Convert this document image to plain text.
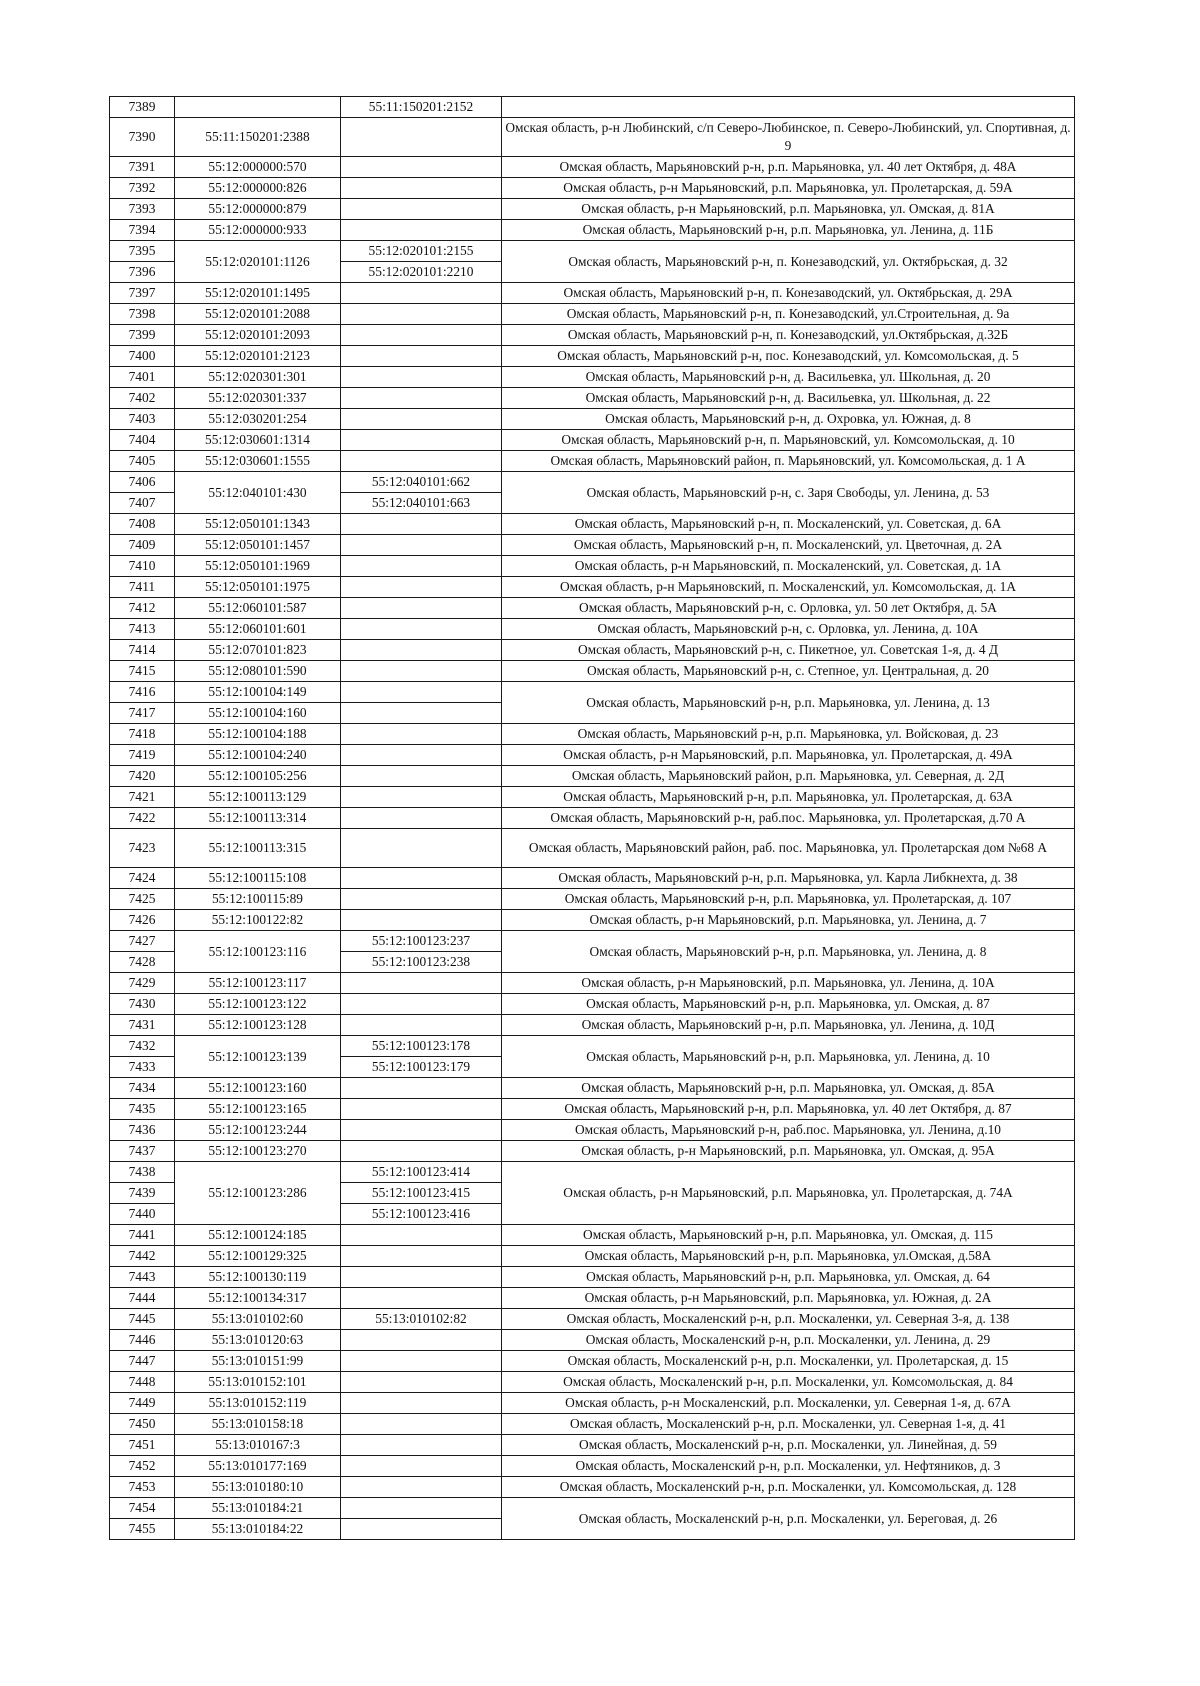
7389		55:11:150201:2152	
7390	55:11:150201:2388		Омская область, р-н Любинский, с/п Северо-Любинское, п. Северо-Любинский, ул. Спортивная, д. 9
7391	55:12:000000:570		Омская область, Марьяновский р-н, р.п. Марьяновка, ул. 40 лет Октября, д. 48А
7392	55:12:000000:826		Омская область, р-н Марьяновский, р.п. Марьяновка, ул. Пролетарская, д. 59А
7393	55:12:000000:879		Омская область, р-н Марьяновский, р.п. Марьяновка, ул. Омская, д. 81А
7394	55:12:000000:933		Омская область, Марьяновский р-н, р.п. Марьяновка, ул. Ленина, д. 11Б
7395	55:12:020101:1126	55:12:020101:2155	Омская область, Марьяновский р-н, п. Конезаводский, ул. Октябрьская, д. 32
7396		55:12:020101:2210	
7397	55:12:020101:1495		Омская область, Марьяновский р-н, п. Конезаводский, ул. Октябрьская, д. 29А
7398	55:12:020101:2088		Омская область, Марьяновский р-н, п. Конезаводский, ул.Строительная, д. 9а
7399	55:12:020101:2093		Омская область, Марьяновский р-н, п. Конезаводский, ул.Октябрьская, д.32Б
7400	55:12:020101:2123		Омская область, Марьяновский р-н, пос. Конезаводский, ул. Комсомольская, д. 5
7401	55:12:020301:301		Омская область, Марьяновский р-н, д. Васильевка, ул. Школьная, д. 20
7402	55:12:020301:337		Омская область, Марьяновский р-н, д. Васильевка, ул. Школьная, д. 22
7403	55:12:030201:254		Омская область, Марьяновский р-н, д. Охровка, ул. Южная, д. 8
7404	55:12:030601:1314		Омская область, Марьяновский р-н, п. Марьяновский, ул. Комсомольская, д. 10
7405	55:12:030601:1555		Омская область, Марьяновский район, п. Марьяновский, ул. Комсомольская, д. 1 А
7406	55:12:040101:430	55:12:040101:662	Омская область, Марьяновский р-н, с. Заря Свободы, ул. Ленина, д. 53
7407		55:12:040101:663	
7408	55:12:050101:1343		Омская область, Марьяновский р-н, п. Москаленский, ул. Советская, д. 6А
7409	55:12:050101:1457		Омская область, Марьяновский р-н, п. Москаленский, ул. Цветочная, д. 2А
7410	55:12:050101:1969		Омская область, р-н Марьяновский, п. Москаленский, ул. Советская, д. 1А
7411	55:12:050101:1975		Омская область, р-н Марьяновский, п. Москаленский, ул. Комсомольская, д. 1А
7412	55:12:060101:587		Омская область, Марьяновский р-н, с. Орловка, ул. 50 лет Октября, д. 5А
7413	55:12:060101:601		Омская область, Марьяновский р-н, с. Орловка, ул. Ленина, д. 10А
7414	55:12:070101:823		Омская область, Марьяновский р-н, с. Пикетное, ул. Советская 1-я, д. 4 Д
7415	55:12:080101:590		Омская область, Марьяновский р-н, с. Степное, ул. Центральная, д. 20
7416	55:12:100104:149		Омская область, Марьяновский р-н, р.п. Марьяновка, ул. Ленина, д. 13
7417	55:12:100104:160		
7418	55:12:100104:188		Омская область, Марьяновский р-н, р.п. Марьяновка, ул. Войсковая, д. 23
7419	55:12:100104:240		Омская область, р-н Марьяновский, р.п. Марьяновка, ул. Пролетарская, д. 49А
7420	55:12:100105:256		Омская область, Марьяновский район, р.п. Марьяновка, ул. Северная, д. 2Д
7421	55:12:100113:129		Омская область, Марьяновский р-н, р.п. Марьяновка, ул. Пролетарская, д. 63А
7422	55:12:100113:314		Омская область, Марьяновский р-н, раб.пос. Марьяновка, ул. Пролетарская, д.70 А
7423	55:12:100113:315		Омская область, Марьяновский район, раб. пос. Марьяновка, ул. Пролетарская дом №68 А
7424	55:12:100115:108		Омская область, Марьяновский р-н, р.п. Марьяновка, ул. Карла Либкнехта, д. 38
7425	55:12:100115:89		Омская область, Марьяновский р-н, р.п. Марьяновка, ул. Пролетарская, д. 107
7426	55:12:100122:82		Омская область, р-н Марьяновский, р.п. Марьяновка, ул. Ленина, д. 7
7427	55:12:100123:116	55:12:100123:237	Омская область, Марьяновский р-н, р.п. Марьяновка, ул. Ленина, д. 8
7428		55:12:100123:238	
7429	55:12:100123:117		Омская область, р-н Марьяновский, р.п. Марьяновка, ул. Ленина, д. 10А
7430	55:12:100123:122		Омская область, Марьяновский р-н, р.п. Марьяновка, ул. Омская, д. 87
7431	55:12:100123:128		Омская область, Марьяновский р-н, р.п. Марьяновка, ул. Ленина, д. 10Д
7432	55:12:100123:139	55:12:100123:178	Омская область, Марьяновский р-н, р.п. Марьяновка, ул. Ленина, д. 10
7433		55:12:100123:179	
7434	55:12:100123:160		Омская область, Марьяновский р-н, р.п. Марьяновка, ул. Омская, д. 85А
7435	55:12:100123:165		Омская область, Марьяновский р-н, р.п. Марьяновка, ул. 40 лет Октября, д. 87
7436	55:12:100123:244		Омская область, Марьяновский р-н, раб.пос. Марьяновка, ул. Ленина, д.10
7437	55:12:100123:270		Омская область, р-н Марьяновский, р.п. Марьяновка, ул. Омская, д. 95А
7438	55:12:100123:286	55:12:100123:414	Омская область, р-н Марьяновский, р.п. Марьяновка, ул. Пролетарская, д. 74А
7439		55:12:100123:415	
7440		55:12:100123:416	
7441	55:12:100124:185		Омская область, Марьяновский р-н, р.п. Марьяновка, ул. Омская, д. 115
7442	55:12:100129:325		Омская область, Марьяновский р-н, р.п. Марьяновка, ул.Омская, д.58А
7443	55:12:100130:119		Омская область, Марьяновский р-н, р.п. Марьяновка, ул. Омская, д. 64
7444	55:12:100134:317		Омская область, р-н Марьяновский, р.п. Марьяновка, ул. Южная, д. 2А
7445	55:13:010102:60	55:13:010102:82	Омская область, Москаленский р-н, р.п. Москаленки, ул. Северная 3-я, д. 138
7446	55:13:010120:63		Омская область, Москаленский р-н, р.п. Москаленки, ул. Ленина, д. 29
7447	55:13:010151:99		Омская область, Москаленский р-н, р.п. Москаленки, ул. Пролетарская, д. 15
7448	55:13:010152:101		Омская область, Москаленский р-н, р.п. Москаленки, ул. Комсомольская, д. 84
7449	55:13:010152:119		Омская область, р-н Москаленский, р.п. Москаленки, ул. Северная 1-я, д. 67А
7450	55:13:010158:18		Омская область, Москаленский р-н, р.п. Москаленки, ул. Северная 1-я, д. 41
7451	55:13:010167:3		Омская область, Москаленский р-н, р.п. Москаленки, ул. Линейная, д. 59
7452	55:13:010177:169		Омская область, Москаленский р-н, р.п. Москаленки, ул. Нефтяников, д. 3
7453	55:13:010180:10		Омская область, Москаленский р-н, р.п. Москаленки, ул. Комсомольская, д. 128
7454	55:13:010184:21		Омская область, Москаленский р-н, р.п. Москаленки, ул. Береговая, д. 26
7455	55:13:010184:22		
